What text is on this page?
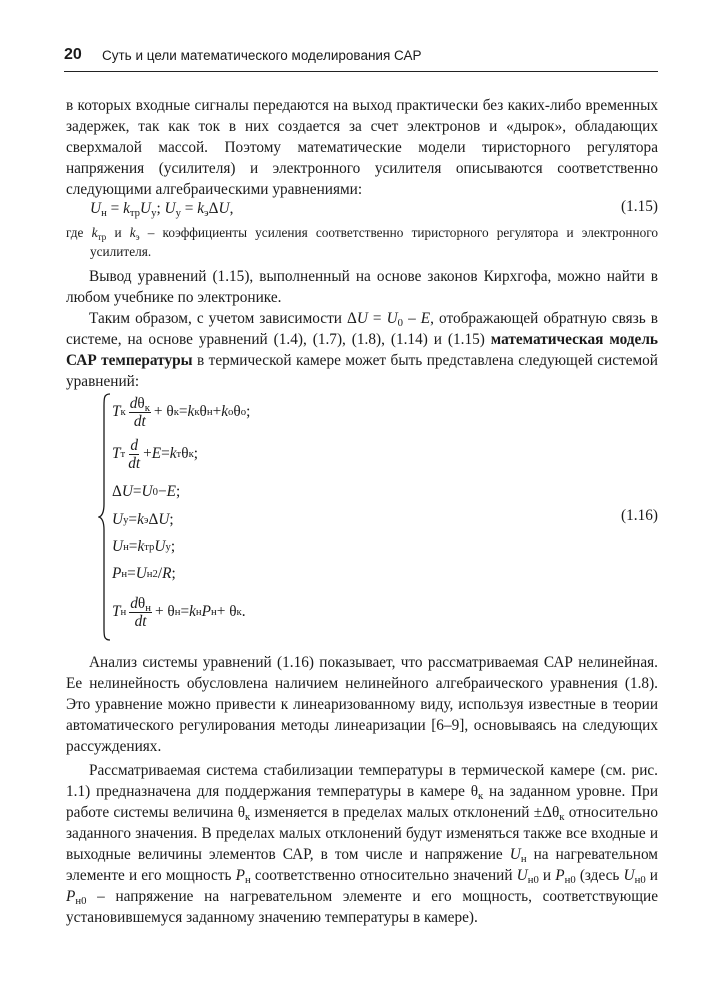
20 Суть и цели математического моделирования САР

в которых входные сигналы передаются на выход практически без каких-либо временных задержек, так как ток в них создается за счет электронов и «дырок», обладающих сверхмалой массой. Поэтому математические модели тиристорного регулятора напряжения (усилителя) и электронного усилителя описываются соответственно следующими алгебраическими уравнениями:

$U_н = k_{тр}U_у$; $U_у = k_э\Delta U$,	(1.15)

где $k_{тр}$ и $k_э$ – коэффициенты усиления соответственно тиристорного регулятора и электронного усилителя.

Вывод уравнений (1.15), выполненный на основе законов Кирхгофа, можно найти в любом учебнике по электронике.

Таким образом, с учетом зависимости $\Delta U = U_0 - E$, отображающей обратную связь в системе, на основе уравнений (1.4), (1.7), (1.8), (1.14) и (1.15) математическая модель САР температуры в термической камере может быть представлена следующей системой уравнений:

T к $\frac{d\theta_к}{dt} + \theta$ к = k к θ н + k о θ о ;
T т $\frac{d}{dt} + E = k$ т θ к ;
Δ U = U 0 − E ;
U у = k э Δ U ;
U н = k тр U у ;
P н = U н 2 / R ;
T н $\frac{d\theta_н}{dt} + \theta$ н = k н P н + θ к .
(1.16)

Анализ системы уравнений (1.16) показывает, что рассматриваемая САР нелинейная. Ее нелинейность обусловлена наличием нелинейного алгебраического уравнения (1.8). Это уравнение можно привести к линеаризованному виду, используя известные в теории автоматического регулирования методы линеаризации [6–9], основываясь на следующих рассуждениях.

Рассматриваемая система стабилизации температуры в термической камере (см. рис. 1.1) предназначена для поддержания температуры в камере $\theta_к$ на заданном уровне. При работе системы величина $\theta_к$ изменяется в пределах малых отклонений $\pm\Delta\theta_к$ относительно заданного значения. В пределах малых отклонений будут изменяться также все входные и выходные величины элементов САР, в том числе и напряжение $U_н$ на нагревательном элементе и его мощность $P_н$ соответственно относительно значений $U_{н0}$ и $P_{н0}$ (здесь $U_{н0}$ и $P_{н0}$ – напряжение на нагревательном элементе и его мощность, соответствующие установившемуся заданному значению температуры в камере).
